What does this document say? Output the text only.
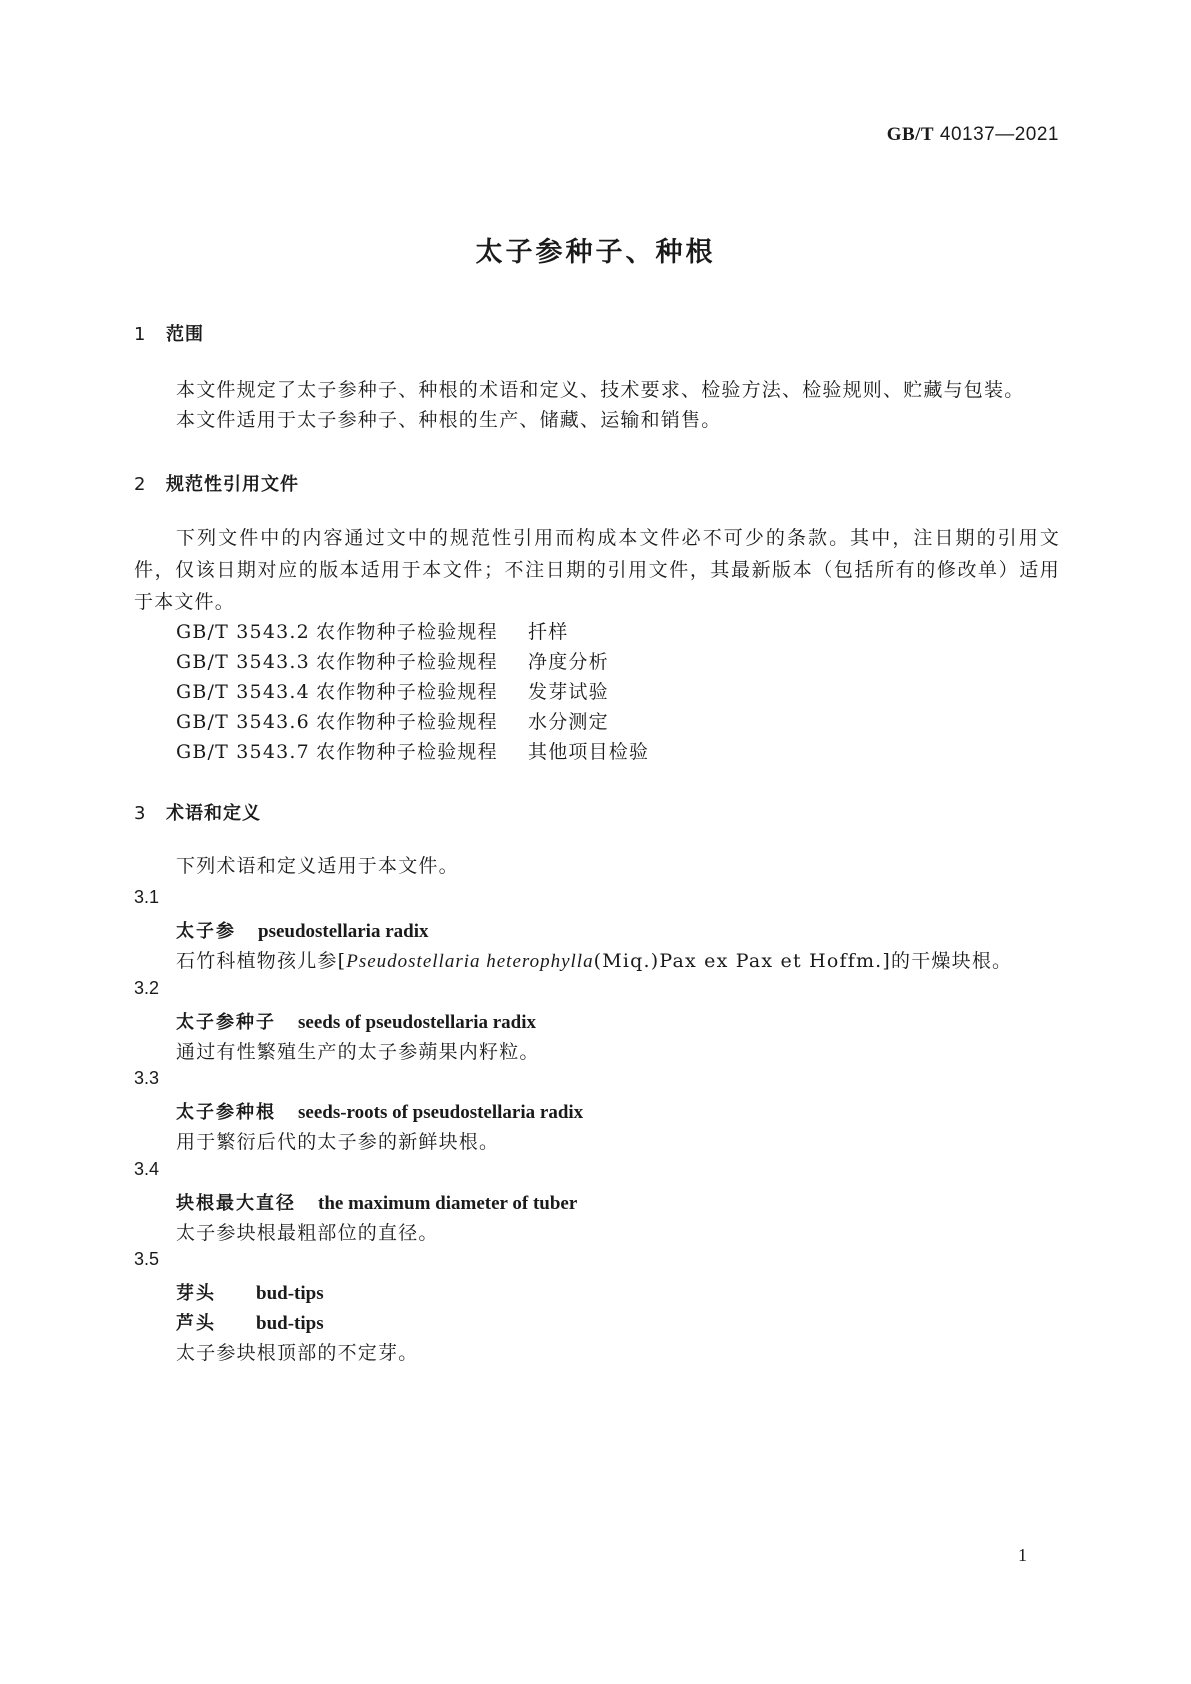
GB/T 40137—2021
太子参种子、种根
1 范围
本文件规定了太子参种子、种根的术语和定义、技术要求、检验方法、检验规则、贮藏与包装。
本文件适用于太子参种子、种根的生产、储藏、运输和销售。
2 规范性引用文件
下列文件中的内容通过文中的规范性引用而构成本文件必不可少的条款。其中，注日期的引用文件，仅该日期对应的版本适用于本文件；不注日期的引用文件，其最新版本（包括所有的修改单）适用于本文件。
GB/T 3543.2 农作物种子检验规程 扦样
GB/T 3543.3 农作物种子检验规程 净度分析
GB/T 3543.4 农作物种子检验规程 发芽试验
GB/T 3543.6 农作物种子检验规程 水分测定
GB/T 3543.7 农作物种子检验规程 其他项目检验
3 术语和定义
下列术语和定义适用于本文件。
3.1
太子参 pseudostellaria radix
石竹科植物孩儿参[Pseudostellaria heterophylla(Miq.)Pax ex Pax et Hoffm.]的干燥块根。
3.2
太子参种子 seeds of pseudostellaria radix
通过有性繁殖生产的太子参蒴果内籽粒。
3.3
太子参种根 seeds-roots of pseudostellaria radix
用于繁衍后代的太子参的新鲜块根。
3.4
块根最大直径 the maximum diameter of tuber
太子参块根最粗部位的直径。
3.5
芽头 bud-tips
芦头 bud-tips
太子参块根顶部的不定芽。
1
